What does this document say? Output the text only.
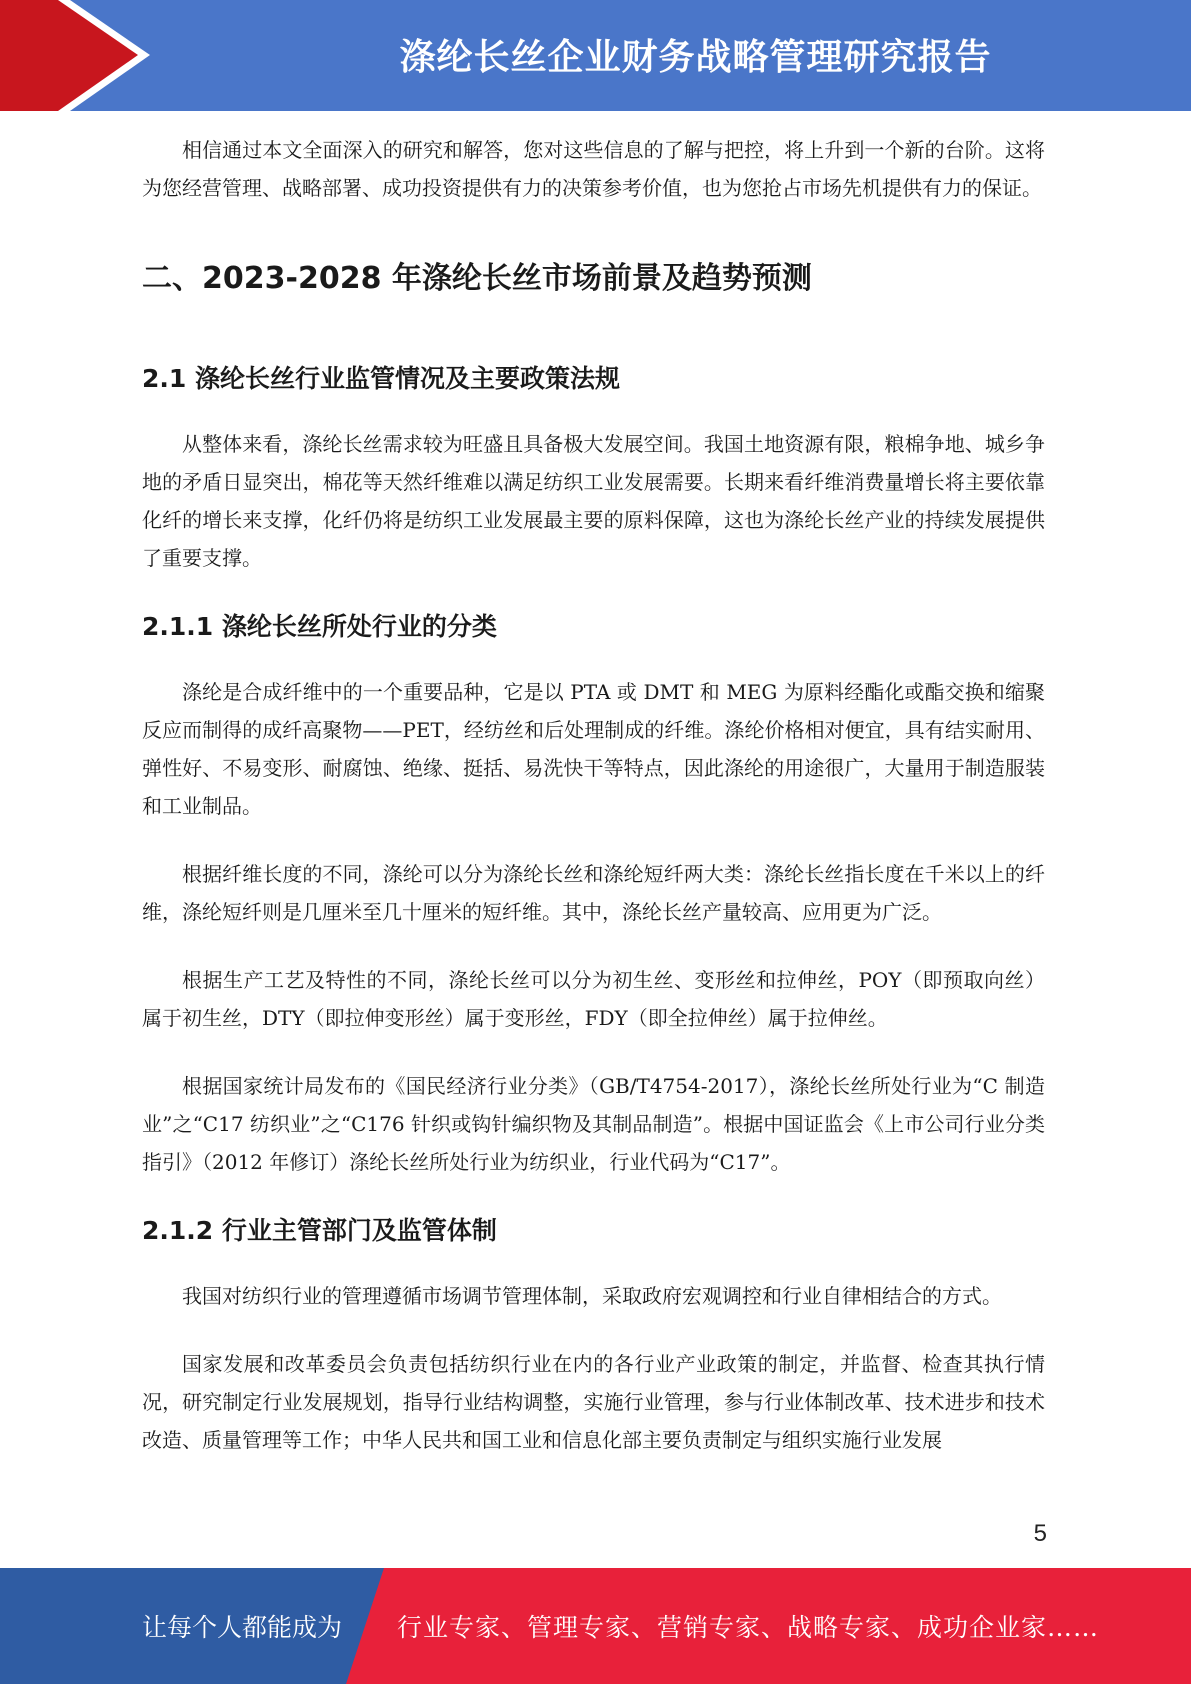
涤纶长丝企业财务战略管理研究报告

相信通过本文全面深入的研究和解答，您对这些信息的了解与把控，将上升到一个新的台阶。这将为您经营管理、战略部署、成功投资提供有力的决策参考价值，也为您抢占市场先机提供有力的保证。

二、2023-2028 年涤纶长丝市场前景及趋势预测
2.1 涤纶长丝行业监管情况及主要政策法规

从整体来看，涤纶长丝需求较为旺盛且具备极大发展空间。我国土地资源有限，粮棉争地、城乡争地的矛盾日显突出，棉花等天然纤维难以满足纺织工业发展需要。长期来看纤维消费量增长将主要依靠化纤的增长来支撑，化纤仍将是纺织工业发展最主要的原料保障，这也为涤纶长丝产业的持续发展提供了重要支撑。

2.1.1 涤纶长丝所处行业的分类

涤纶是合成纤维中的一个重要品种，它是以 PTA 或 DMT 和 MEG 为原料经酯化或酯交换和缩聚反应而制得的成纤高聚物——PET，经纺丝和后处理制成的纤维。涤纶价格相对便宜，具有结实耐用、弹性好、不易变形、耐腐蚀、绝缘、挺括、易洗快干等特点，因此涤纶的用途很广，大量用于制造服装和工业制品。

根据纤维长度的不同，涤纶可以分为涤纶长丝和涤纶短纤两大类：涤纶长丝指长度在千米以上的纤维，涤纶短纤则是几厘米至几十厘米的短纤维。其中，涤纶长丝产量较高、应用更为广泛。

根据生产工艺及特性的不同，涤纶长丝可以分为初生丝、变形丝和拉伸丝，POY（即预取向丝）属于初生丝，DTY（即拉伸变形丝）属于变形丝，FDY（即全拉伸丝）属于拉伸丝。

根据国家统计局发布的《国民经济行业分类》（GB/T4754-2017），涤纶长丝所处行业为“C 制造业”之“C17 纺织业”之“C176 针织或钩针编织物及其制品制造”。根据中国证监会《上市公司行业分类指引》（2012 年修订）涤纶长丝所处行业为纺织业，行业代码为“C17”。

2.1.2 行业主管部门及监管体制

我国对纺织行业的管理遵循市场调节管理体制，采取政府宏观调控和行业自律相结合的方式。

国家发展和改革委员会负责包括纺织行业在内的各行业产业政策的制定，并监督、检查其执行情况，研究制定行业发展规划，指导行业结构调整，实施行业管理，参与行业体制改革、技术进步和技术改造、质量管理等工作；中华人民共和国工业和信息化部主要负责制定与组织实施行业发展

5
让每个人都能成为 行业专家、管理专家、营销专家、战略专家、成功企业家……
